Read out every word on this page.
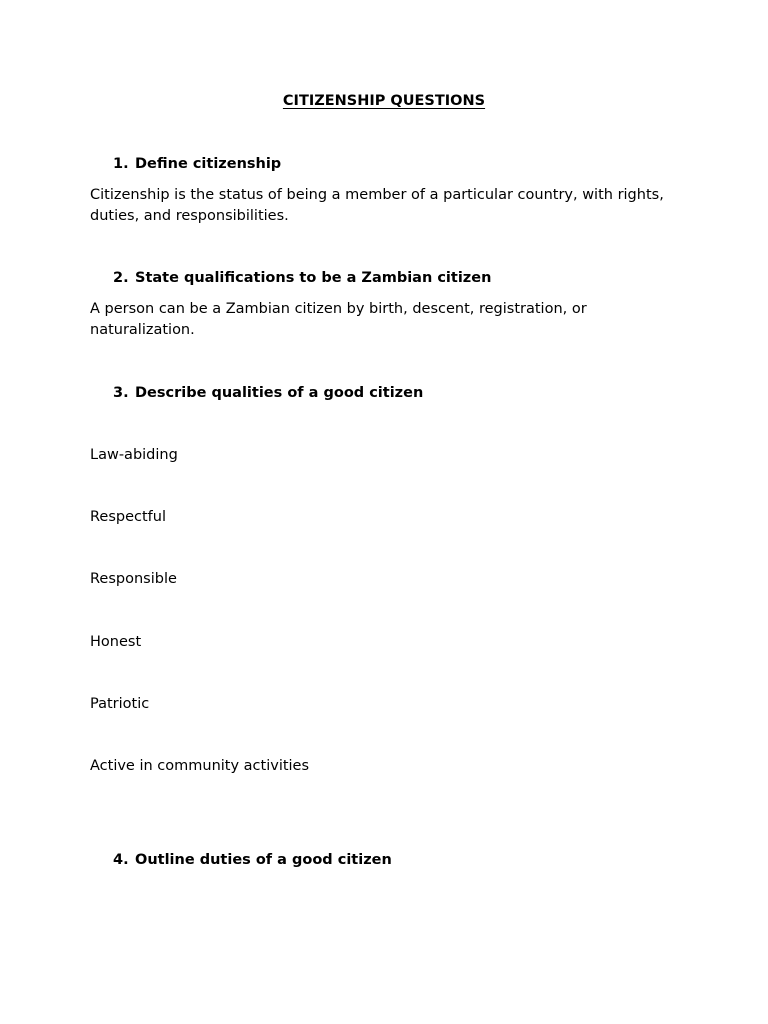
CITIZENSHIP QUESTIONS
1. Define citizenship
Citizenship is the status of being a member of a particular country, with rights, duties, and responsibilities.
2. State qualifications to be a Zambian citizen
A person can be a Zambian citizen by birth, descent, registration, or naturalization.
3. Describe qualities of a good citizen
Law-abiding
Respectful
Responsible
Honest
Patriotic
Active in community activities
4. Outline duties of a good citizen
